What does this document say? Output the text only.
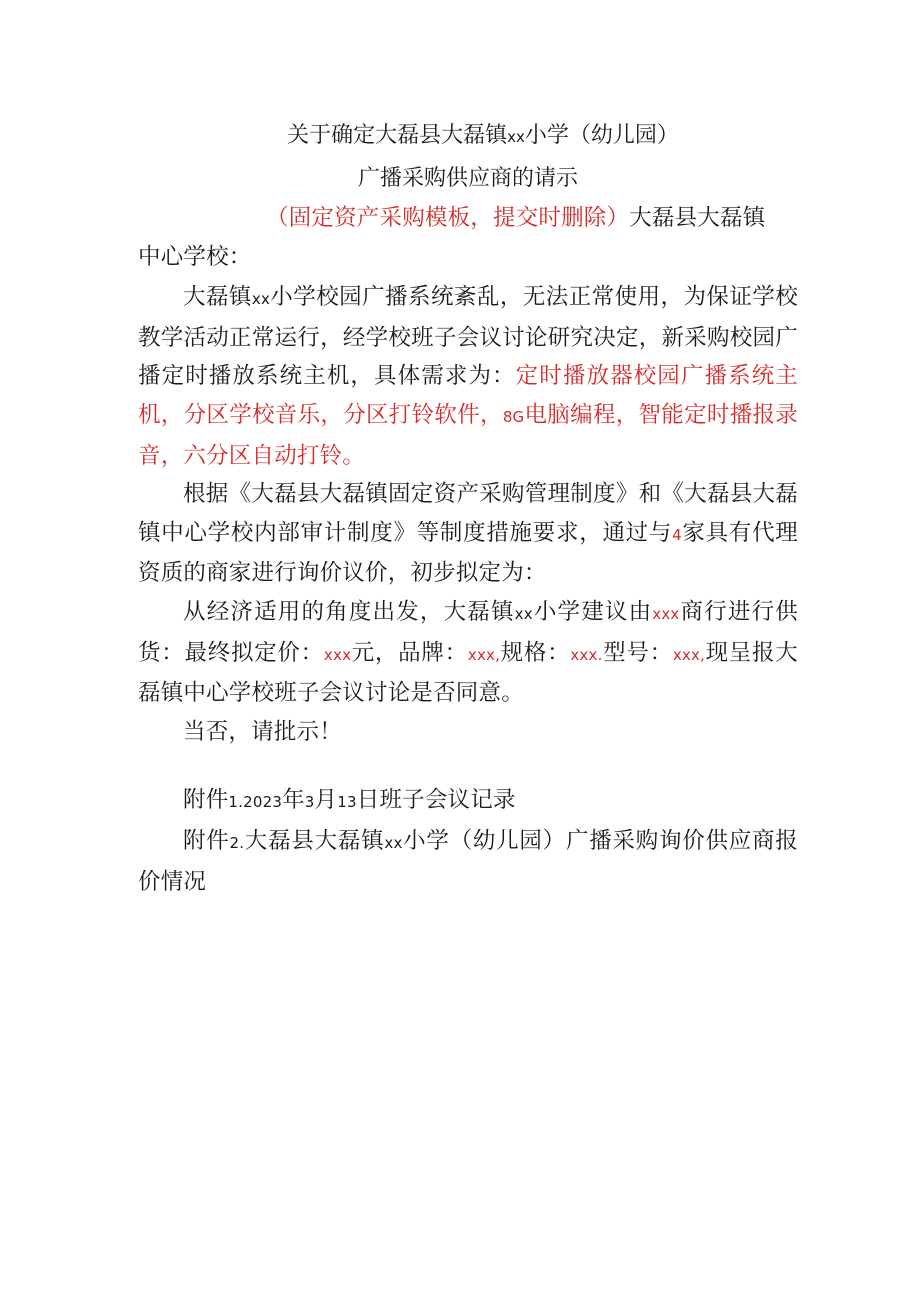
关于确定大磊县大磊镇xx小学（幼儿园）

广播采购供应商的请示

（固定资产采购模板，提交时删除）大磊县大磊镇
中心学校：

大磊镇xx小学校园广播系统紊乱，无法正常使用，为保证学校教学活动正常运行，经学校班子会议讨论研究决定，新采购校园广播定时播放系统主机，具体需求为：定时播放器校园广播系统主机，分区学校音乐，分区打铃软件，8G电脑编程，智能定时播报录音，六分区自动打铃。

根据《大磊县大磊镇固定资产采购管理制度》和《大磊县大磊镇中心学校内部审计制度》等制度措施要求，通过与4家具有代理资质的商家进行询价议价，初步拟定为：

从经济适用的角度出发，大磊镇xx小学建议由xxx商行进行供货：最终拟定价：xxx元，品牌：xxx,规格：xxx.型号：xxx,现呈报大磊镇中心学校班子会议讨论是否同意。

当否，请批示！

附件1.2023年3月13日班子会议记录

附件2.大磊县大磊镇xx小学（幼儿园）广播采购询价供应商报价情况
